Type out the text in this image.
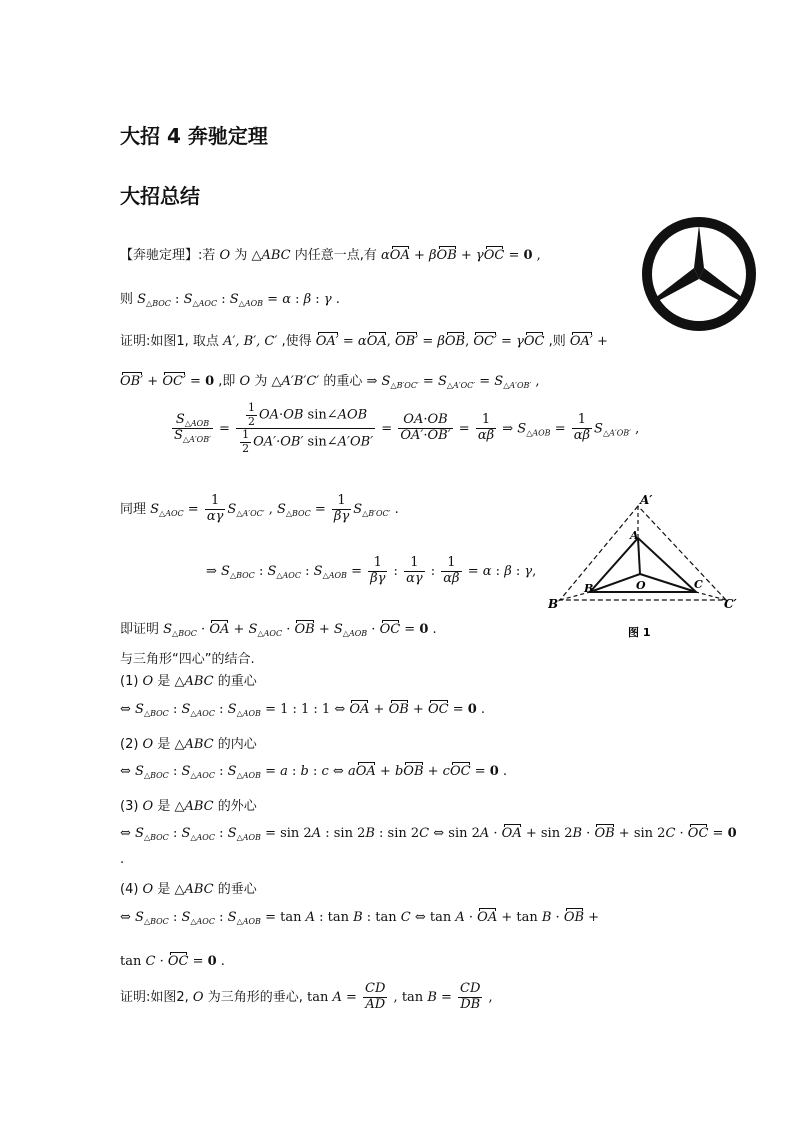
大招 4 奔驰定理
大招总结
【奔驰定理】:若 O 为 △ABC 内任意一点,有 αOA + βOB + γOC = 0 ,
则 $S_{\triangle BOC}$ : $S_{\triangle AOC}$ : $S_{\triangle AOB} = \alpha$ : β : γ .
证明:如图1, 取点 A′, B′, C′ ,使得 OA′ = αOA, OB′ = βOB, OC′ = γOC ,则 OA′ +
OB′ + OC′ = 0 ,即 O 为 △A′B′C′ 的重心 ⇒ $S_{\triangle B'OC'} = S_{\triangle A'OC'} = S_{\triangle A'OB'}$ ,
$\frac{S_{\triangle AOB}}{S_{\triangle A'OB'}} = \frac{\frac{1}{2} OA\cdot OB \sin\angle AOB}{\frac{1}{2} OA'\cdot OB' \sin\angle A'OB'} = \frac{OA\cdot OB}{OA'\cdot OB'} = \frac{1}{\alpha\beta}$ ⇒ $S_{\triangle AOB} = \frac{1}{\alpha\beta} S_{\triangle A'OB'}$ ,
同理 $S_{\triangle AOC} = \frac{1}{\alpha\gamma} S_{\triangle A'OC'}$ , $S_{\triangle BOC} = \frac{1}{\beta\gamma} S_{\triangle B'OC'}$ .
⇒ $S_{\triangle BOC}$ : $S_{\triangle AOC}$ : $S_{\triangle AOB} = \frac{1}{\beta\gamma}$ : $\frac{1}{\alpha\gamma}$ : $\frac{1}{\alpha\beta} = \alpha$ : β : γ,
即证明 $S_{\triangle BOC}$ · OA + $S_{\triangle AOC}$ · OB + $S_{\triangle AOB}$ · OC = 0 .
A′
A
B′
B	O	C
C′
图 1
与三角形“四心”的结合.
(1) O 是 △ABC 的重心
⇔ $S_{\triangle BOC}$ : $S_{\triangle AOC}$ : $S_{\triangle AOB} = 1$ : 1 : 1 ⇔ OA + OB + OC = 0 .
(2) O 是 △ABC 的内心
⇔ $S_{\triangle BOC}$ : $S_{\triangle AOC}$ : $S_{\triangle AOB} = a$ : b : c ⇔ aOA + bOB + cOC = 0 .
(3) O 是 △ABC 的外心
⇔ $S_{\triangle BOC}$ : $S_{\triangle AOC}$ : $S_{\triangle AOB} = \sin 2A$ : sin 2B : sin 2C ⇔ sin 2A · OA + sin 2B · OB + sin 2C · OC = 0
.
(4) O 是 △ABC 的垂心
⇔ $S_{\triangle BOC}$ : $S_{\triangle AOC}$ : $S_{\triangle AOB} = \tan A$ : tan B : tan C ⇔ tan A · OA + tan B · OB +
tan C · OC = 0 .
证明:如图2, O 为三角形的垂心, $\tan A = \frac{CD}{AD}$ , $\tan B = \frac{CD}{DB}$ ,
